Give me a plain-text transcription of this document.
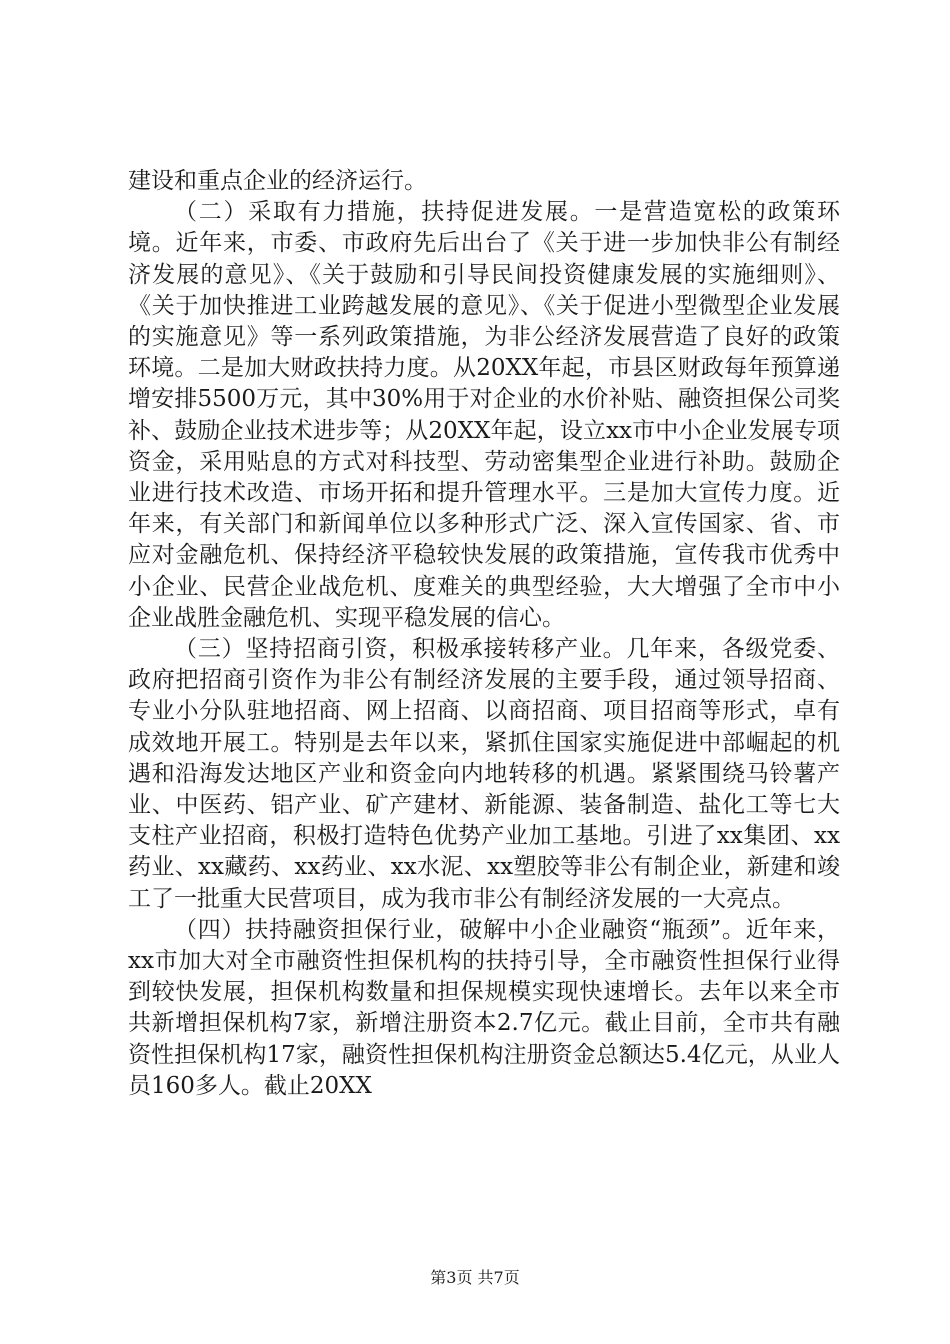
建设和重点企业的经济运行。

（二）采取有力措施，扶持促进发展。一是营造宽松的政策环境。近年来，市委、市政府先后出台了《关于进一步加快非公有制经济发展的意见》、《关于鼓励和引导民间投资健康发展的实施细则》、《关于加快推进工业跨越发展的意见》、《关于促进小型微型企业发展的实施意见》等一系列政策措施，为非公经济发展营造了良好的政策环境。二是加大财政扶持力度。从20XX年起，市县区财政每年预算递增安排5500万元，其中30%用于对企业的水价补贴、融资担保公司奖补、鼓励企业技术进步等；从20XX年起，设立xx市中小企业发展专项资金，采用贴息的方式对科技型、劳动密集型企业进行补助。鼓励企业进行技术改造、市场开拓和提升管理水平。三是加大宣传力度。近年来，有关部门和新闻单位以多种形式广泛、深入宣传国家、省、市应对金融危机、保持经济平稳较快发展的政策措施，宣传我市优秀中小企业、民营企业战危机、度难关的典型经验，大大增强了全市中小企业战胜金融危机、实现平稳发展的信心。

（三）坚持招商引资，积极承接转移产业。几年来，各级党委、政府把招商引资作为非公有制经济发展的主要手段，通过领导招商、专业小分队驻地招商、网上招商、以商招商、项目招商等形式，卓有成效地开展工。特别是去年以来，紧抓住国家实施促进中部崛起的机遇和沿海发达地区产业和资金向内地转移的机遇。紧紧围绕马铃薯产业、中医药、铝产业、矿产建材、新能源、装备制造、盐化工等七大支柱产业招商，积极打造特色优势产业加工基地。引进了xx集团、xx药业、xx藏药、xx药业、xx水泥、xx塑胶等非公有制企业，新建和竣工了一批重大民营项目，成为我市非公有制经济发展的一大亮点。

（四）扶持融资担保行业，破解中小企业融资“瓶颈”。近年来，xx市加大对全市融资性担保机构的扶持引导，全市融资性担保行业得到较快发展，担保机构数量和担保规模实现快速增长。去年以来全市共新增担保机构7家，新增注册资本2.7亿元。截止目前，全市共有融资性担保机构17家，融资性担保机构注册资金总额达5.4亿元，从业人员160多人。截止20XX

第3页 共7页
